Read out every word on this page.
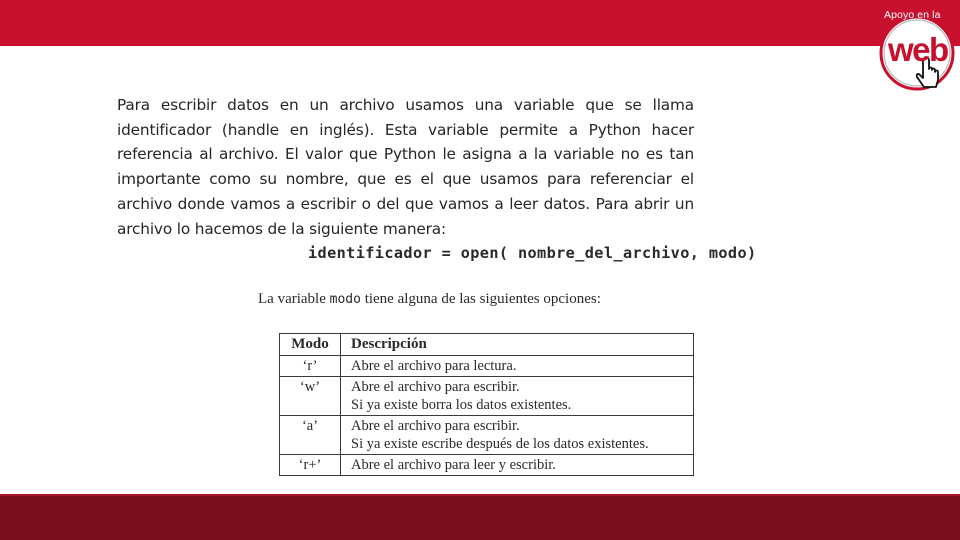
Apoyo en la
web

Para escribir datos en un archivo usamos una variable que se llama identificador (handle en inglés). Esta variable permite a Python hacer referencia al archivo. El valor que Python le asigna a la variable no es tan importante como su nombre, que es el que usamos para referenciar el archivo donde vamos a escribir o del que vamos a leer datos. Para abrir un archivo lo hacemos de la siguiente manera:

identificador = open( nombre_del_archivo, modo)
La variable modo tiene alguna de las siguientes opciones:
Modo	Descripción
‘r’	Abre el archivo para lectura.

‘w’	Abre el archivo para escribir.
Si ya existe borra los datos existentes.

‘a’	Abre el archivo para escribir.
Si ya existe escribe después de los datos existentes.

‘r+’	Abre el archivo para leer y escribir.
